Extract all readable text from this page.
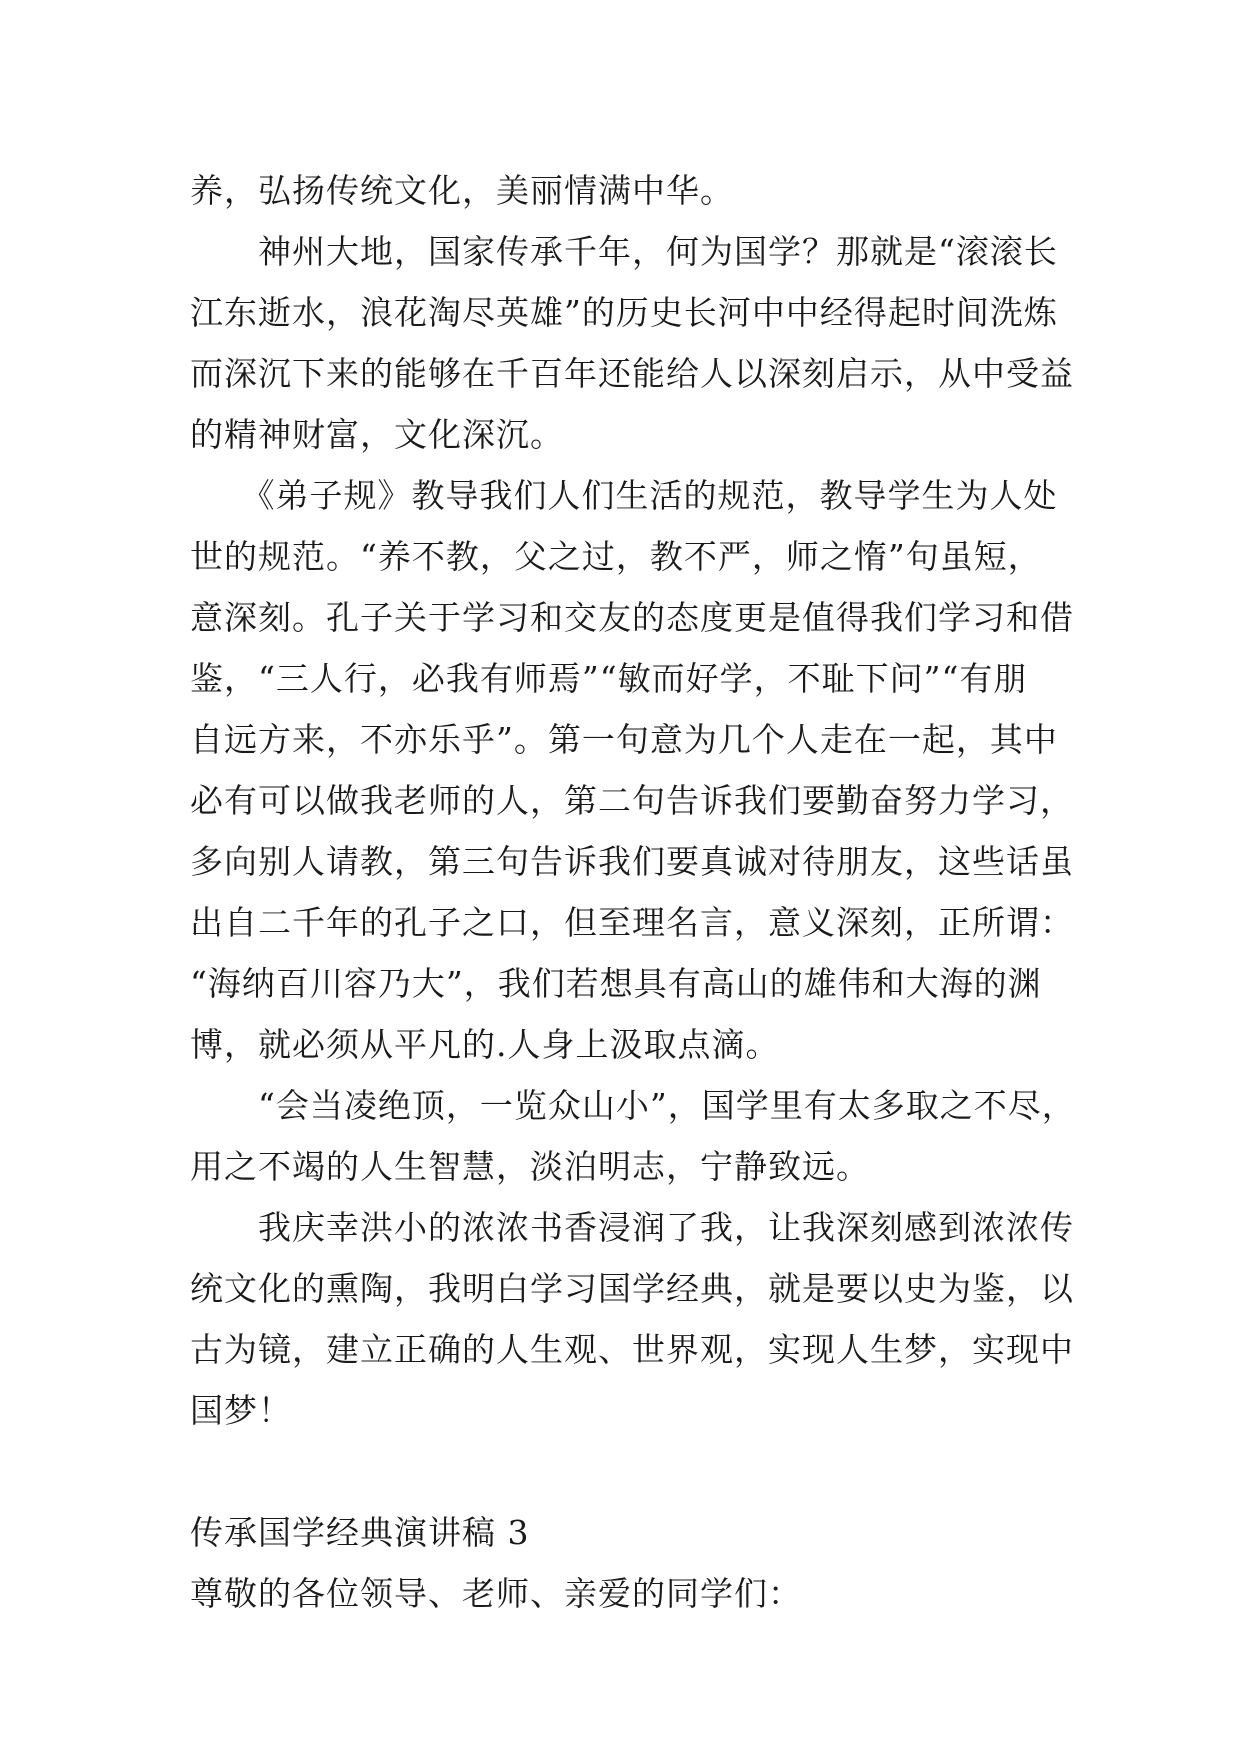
养，弘扬传统文化，美丽情满中华。
　　神州大地，国家传承千年，何为国学？那就是“滚滚长
江东逝水，浪花淘尽英雄”的历史长河中中经得起时间洗炼
而深沉下来的能够在千百年还能给人以深刻启示，从中受益
的精神财富，文化深沉。
　　《弟子规》教导我们人们生活的规范，教导学生为人处
世的规范。“养不教，父之过，教不严，师之惰”句虽短，
意深刻。孔子关于学习和交友的态度更是值得我们学习和借
鉴，“三人行，必我有师焉”“敏而好学，不耻下问”“有朋
自远方来，不亦乐乎”。第一句意为几个人走在一起，其中
必有可以做我老师的人，第二句告诉我们要勤奋努力学习，
多向别人请教，第三句告诉我们要真诚对待朋友，这些话虽
出自二千年的孔子之口，但至理名言，意义深刻，正所谓：
“海纳百川容乃大”，我们若想具有高山的雄伟和大海的渊
博，就必须从平凡的.人身上汲取点滴。
　　“会当凌绝顶，一览众山小”，国学里有太多取之不尽，
用之不竭的人生智慧，淡泊明志，宁静致远。
　　我庆幸洪小的浓浓书香浸润了我，让我深刻感到浓浓传
统文化的熏陶，我明白学习国学经典，就是要以史为鉴，以
古为镜，建立正确的人生观、世界观，实现人生梦，实现中
国梦！
传承国学经典演讲稿 3
尊敬的各位领导、老师、亲爱的同学们：
